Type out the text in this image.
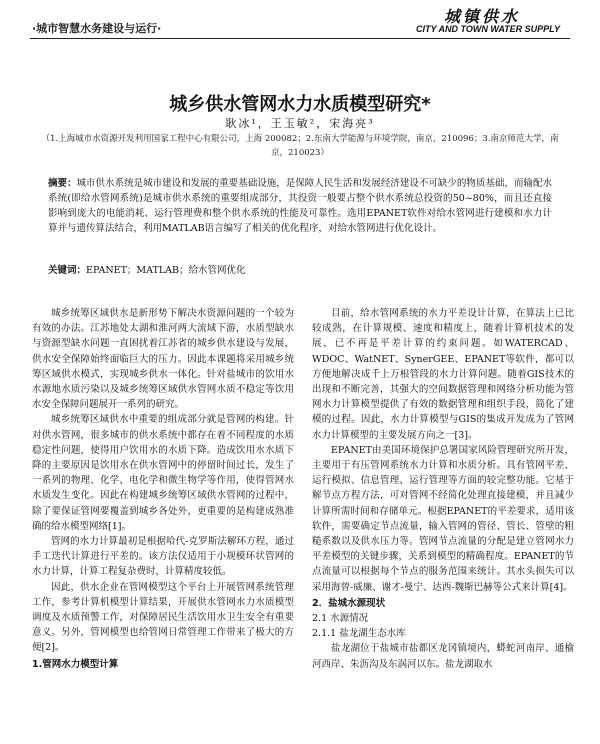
·城市智慧水务建设与运行·
城镇供水
CITY AND TOWN WATER SUPPLY
城乡供水管网水力水质模型研究*
耿冰¹，王玉敏²，宋海亮³
（1.上海城市水资源开发利用国家工程中心有限公司，上海 200082；2.东南大学能源与环境学院，南京，210096；3.南京师范大学，南京，210023）
摘要：城市供水系统是城市建设和发展的重要基础设施，是保障人民生活和发展经济建设不可缺少的物质基础，而输配水系统(即给水管网系统)是城市供水系统的重要组成部分，其投资一般要占整个供水系统总投资的50~80%，而且还直接影响到庞大的电能消耗、运行管理费和整个供水系统的性能及可靠性。选用EPANET软件对给水管网进行建模和水力计算并与遗传算法结合，利用MATLAB语言编写了相关的优化程序，对给水管网进行优化设计。
关键词：EPANET；MATLAB；给水管网优化

城乡统筹区域供水是新形势下解决水资源问题的一个较为有效的办法。江苏地处太湖和淮河两大流域下游，水质型缺水与资源型缺水问题一直困扰着江苏省的城乡供水建设与发展，供水安全保障始终面临巨大的压力。因此本课题将采用城乡统筹区域供水模式，实现城乡供水一体化。针对盐城市的饮用水水源地水质污染以及城乡统筹区域供水管网水质不稳定等饮用水安全保障问题展开一系列的研究。

城乡统筹区域供水中重要的组成部分就是管网的构建。针对供水管网，很多城市的供水系统中都存在着不同程度的水质稳定性问题，使得用户饮用水的水质下降。造成饮用水水质下降的主要原因是饮用水在供水管网中的停留时间过长，发生了一系列的物理、化学、电化学和微生物学等作用，使得管网水水质发生变化。因此在构建城乡统筹区域供水管网的过程中，除了要保证管网要覆盖到城乡各处外，更重要的是构建成熟准确的给水模型网络[1]。

管网的水力计算最初是根据哈代-克罗斯法解环方程，通过手工迭代计算进行平差的。该方法仅适用于小规模环状管网的水力计算，计算工程复杂费时，计算精度较低。

因此，供水企业在管网模型这个平台上开展管网系统管理工作，参考计算机模型计算结果，开展供水管网水力水质模型调度及水质预警工作，对保障居民生活饮用水卫生安全有重要意义。另外，管网模型也给管网日常管理工作带来了极大的方便[2]。

1.管网水力模型计算

目前，给水管网系统的水力平差设计计算，在算法上已比较成熟，在计算规模、速度和精度上，随着计算机技术的发展，已不再是平差计算的约束问题。如WATERCAD、WDOC、WatNET、SynerGEE、EPANET等软件，都可以方便地解决成千上万根管段的水力计算问题。随着GIS技术的出现和不断完善，其强大的空间数据管理和网络分析功能为管网水力计算模型提供了有效的数据管理和组织手段，简化了建模的过程。因此，水力计算模型与GIS的集成开发成为了管网水力计算模型的主要发展方向之一[3]。

EPANET由美国环境保护总署国家风险管理研究所开发，主要用于有压管网系统水力计算和水质分析。具有管网平差、运行模拟、信息管理、运行管理等方面的较完整功能。它基于解节点方程方法，可对管网不经简化处理直接建模，并且减少计算所需时间和存储单元。根据EPANET的平差要求，适用该软件，需要确定节点流量，输入管网的管径、管长、管壁的粗糙系数以及供水压力等。管网节点流量的分配是建立管网水力平差模型的关键步骤，关系到模型的精确程度。EPANET的节点流量可以根据每个节点的服务范围来统计。其水头损失可以采用海曾-威廉、谢才-曼宁、达西-魏斯巴赫等公式来计算[4]。

2．盐城水源现状

2.1 水源情况

2.1.1 盐龙湖生态水库

盐龙湖位于盐城市盐都区龙冈镇境内，蟒蛇河南岸、通榆河西岸、朱沥沟及东涡河以东。盐龙湖取水
